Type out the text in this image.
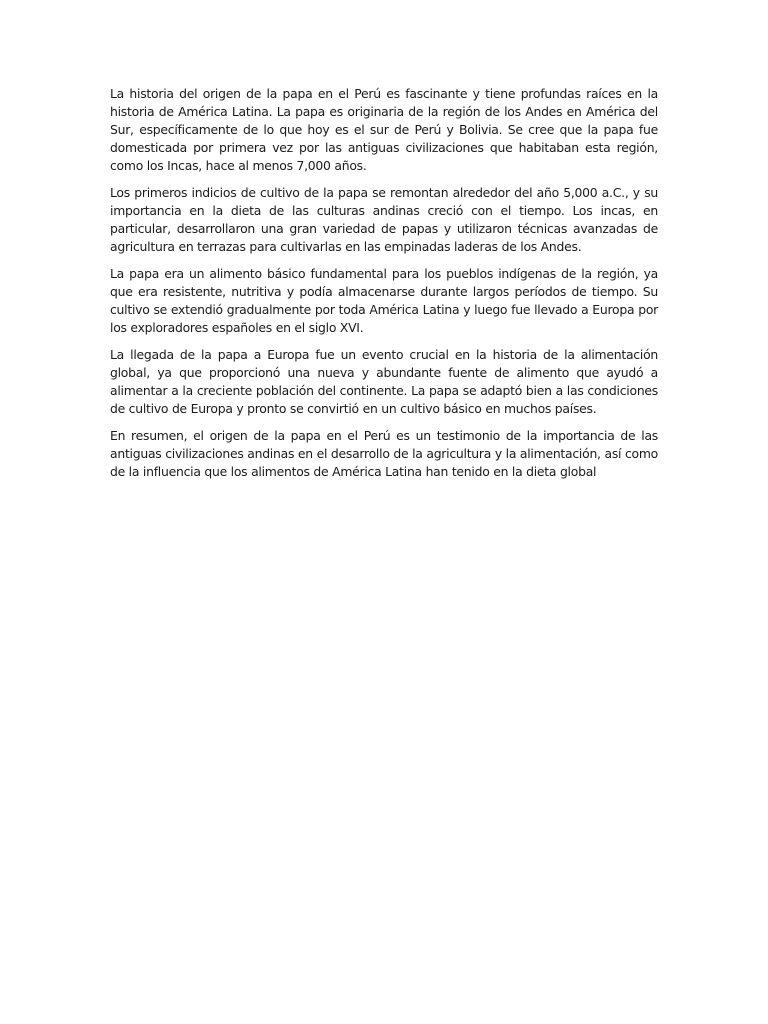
La historia del origen de la papa en el Perú es fascinante y tiene profundas raíces en la historia de América Latina. La papa es originaria de la región de los Andes en América del Sur, específicamente de lo que hoy es el sur de Perú y Bolivia. Se cree que la papa fue domesticada por primera vez por las antiguas civilizaciones que habitaban esta región, como los Incas, hace al menos 7,000 años.

Los primeros indicios de cultivo de la papa se remontan alrededor del año 5,000 a.C., y su importancia en la dieta de las culturas andinas creció con el tiempo. Los incas, en particular, desarrollaron una gran variedad de papas y utilizaron técnicas avanzadas de agricultura en terrazas para cultivarlas en las empinadas laderas de los Andes.

La papa era un alimento básico fundamental para los pueblos indígenas de la región, ya que era resistente, nutritiva y podía almacenarse durante largos períodos de tiempo. Su cultivo se extendió gradualmente por toda América Latina y luego fue llevado a Europa por los exploradores españoles en el siglo XVI.

La llegada de la papa a Europa fue un evento crucial en la historia de la alimentación global, ya que proporcionó una nueva y abundante fuente de alimento que ayudó a alimentar a la creciente población del continente. La papa se adaptó bien a las condiciones de cultivo de Europa y pronto se convirtió en un cultivo básico en muchos países.

En resumen, el origen de la papa en el Perú es un testimonio de la importancia de las antiguas civilizaciones andinas en el desarrollo de la agricultura y la alimentación, así como de la influencia que los alimentos de América Latina han tenido en la dieta global
